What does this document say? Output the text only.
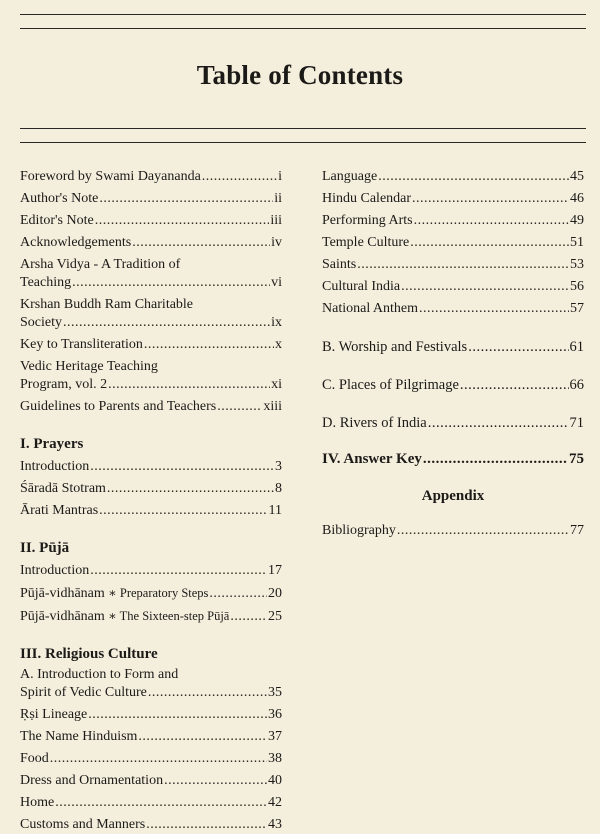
Table of Contents
Foreword by Swami Dayananda .....	i
Author's Note .....	ii
Editor's Note .....	iii
Acknowledgements .....	iv
Arsha Vidya - A Tradition of
Teaching .....	vi
Krshan Buddh Ram Charitable
Society .....	ix
Key to Transliteration .....	x
Vedic Heritage Teaching
Program, vol. 2 .....	xi
Guidelines to Parents and Teachers .....	xiii
I. Prayers
Introduction .....	3
Śāradā Stotram .....	8
Ārati Mantras .....	11
II. Pūjā
Introduction .....	17
Pūjā-vidhānam ∗ Preparatory Steps .....	20
Pūjā-vidhānam ∗ The Sixteen-step Pūjā .....	25
III. Religious Culture
A. Introduction to Form and
Spirit of Vedic Culture .....	35
Ṛṣi Lineage .....	36
The Name Hinduism .....	37
Food .....	38
Dress and Ornamentation .....	40
Home .....	42
Customs and Manners .....	43
Language .....	45
Hindu Calendar .....	46
Performing Arts .....	49
Temple Culture .....	51
Saints .....	53
Cultural India .....	56
National Anthem .....	57
B. Worship and Festivals .....	61
C. Places of Pilgrimage .....	66
D. Rivers of India .....	71
IV. Answer Key .....	75
Appendix
Bibliography .....	77
